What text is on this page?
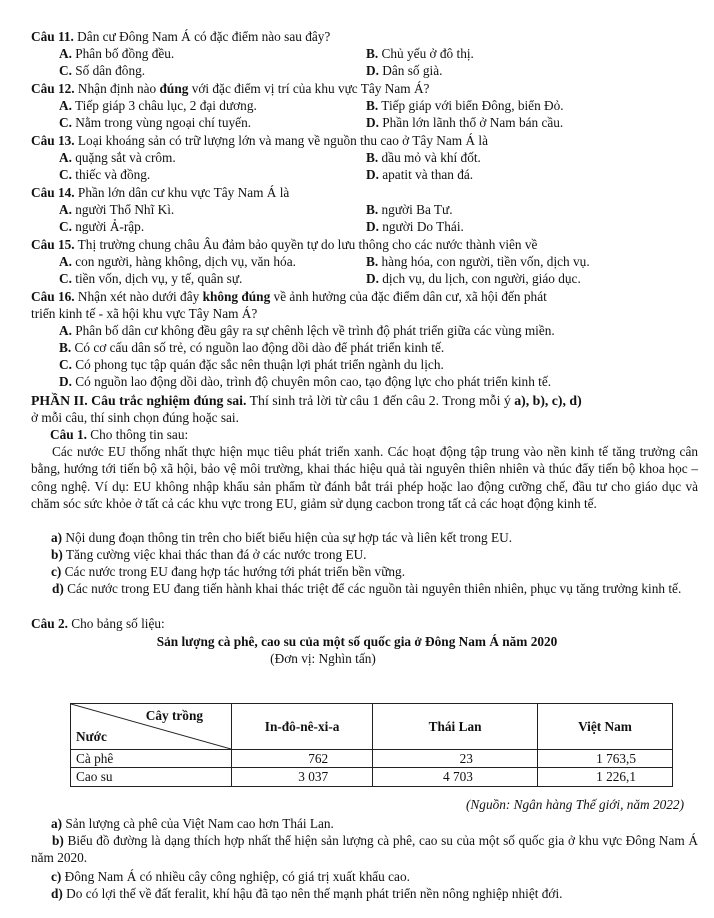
Câu 11. Dân cư Đông Nam Á có đặc điểm nào sau đây?
A. Phân bố đồng đều.	B. Chủ yếu ở đô thị.
C. Số dân đông.	D. Dân số già.
Câu 12. Nhận định nào đúng với đặc điểm vị trí của khu vực Tây Nam Á?
A. Tiếp giáp 3 châu lục, 2 đại dương.	B. Tiếp giáp với biển Đông, biển Đỏ.
C. Nằm trong vùng ngoại chí tuyến.	D. Phần lớn lãnh thổ ở Nam bán cầu.
Câu 13. Loại khoáng sản có trữ lượng lớn và mang về nguồn thu cao ở Tây Nam Á là
A. quặng sắt và crôm.	B. dầu mỏ và khí đốt.
C. thiếc và đồng.	D. apatit và than đá.
Câu 14. Phần lớn dân cư khu vực Tây Nam Á là
A. người Thổ Nhĩ Kì.	B. người Ba Tư.
C. người Ả-rập.	D. người Do Thái.
Câu 15. Thị trường chung châu Âu đảm bảo quyền tự do lưu thông cho các nước thành viên về
A. con người, hàng không, dịch vụ, văn hóa.	B. hàng hóa, con người, tiền vốn, dịch vụ.
C. tiền vốn, dịch vụ, y tế, quân sự.	D. dịch vụ, du lịch, con người, giáo dục.
Câu 16. Nhận xét nào dưới đây không đúng về ảnh hưởng của đặc điểm dân cư, xã hội đến phát
triển kinh tế - xã hội khu vực Tây Nam Á?
A. Phân bố dân cư không đều gây ra sự chênh lệch về trình độ phát triển giữa các vùng miền.
B. Có cơ cấu dân số trẻ, có nguồn lao động dồi dào để phát triển kinh tế.
C. Có phong tục tập quán đặc sắc nên thuận lợi phát triển ngành du lịch.
D. Có nguồn lao động dồi dào, trình độ chuyên môn cao, tạo động lực cho phát triển kinh tế.
PHẦN II. Câu trắc nghiệm đúng sai. Thí sinh trả lời từ câu 1 đến câu 2. Trong mỗi ý a), b), c), d)
ở mỗi câu, thí sinh chọn đúng hoặc sai.
Câu 1. Cho thông tin sau:
Các nước EU thống nhất thực hiện mục tiêu phát triển xanh. Các hoạt động tập trung vào nền kinh tế tăng trưởng cân bằng, hướng tới tiến bộ xã hội, bảo vệ môi trường, khai thác hiệu quả tài nguyên thiên nhiên và thúc đẩy tiến bộ khoa học – công nghệ. Ví dụ: EU không nhập khẩu sản phẩm từ đánh bắt trái phép hoặc lao động cưỡng chế, đầu tư cho giáo dục và chăm sóc sức khỏe ở tất cả các khu vực trong EU, giảm sử dụng cacbon trong tất cả các hoạt động kinh tế.
a) Nội dung đoạn thông tin trên cho biết biểu hiện của sự hợp tác và liên kết trong EU.
b) Tăng cường việc khai thác than đá ở các nước trong EU.
c) Các nước trong EU đang hợp tác hướng tới phát triển bền vững.
d) Các nước trong EU đang tiến hành khai thác triệt để các nguồn tài nguyên thiên nhiên, phục vụ tăng trưởng kinh tế.
Câu 2. Cho bảng số liệu:
Sản lượng cà phê, cao su của một số quốc gia ở Đông Nam Á năm 2020
(Đơn vị: Nghìn tấn)
Cây trồng
Nước	In-đô-nê-xi-a	Thái Lan	Việt Nam
Cà phê	762	23	1 763,5
Cao su	3 037	4 703	1 226,1
(Nguồn: Ngân hàng Thế giới, năm 2022)
a) Sản lượng cà phê của Việt Nam cao hơn Thái Lan.
b) Biểu đồ đường là dạng thích hợp nhất thể hiện sản lượng cà phê, cao su của một số quốc gia ở khu vực Đông Nam Á năm 2020.
c) Đông Nam Á có nhiều cây công nghiệp, có giá trị xuất khẩu cao.
d) Do có lợi thế về đất feralit, khí hậu đã tạo nên thế mạnh phát triển nền nông nghiệp nhiệt đới.
